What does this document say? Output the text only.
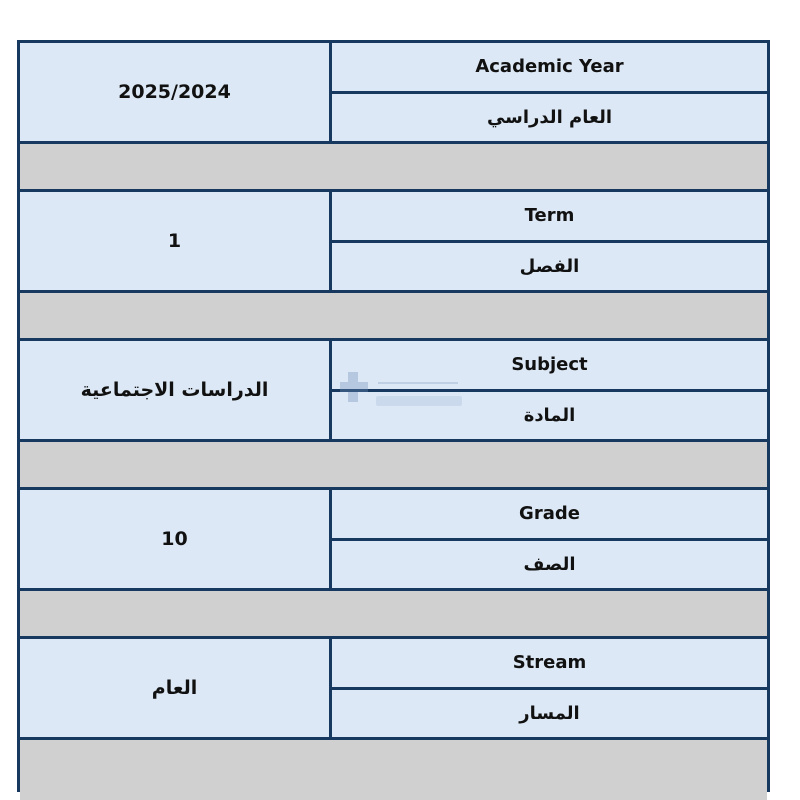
2025/2024
Academic Year
العام الدراسي
1
Term
الفصل
الدراسات الاجتماعية
Subject
المادة
10
Grade
الصف
العام
Stream
المسار
